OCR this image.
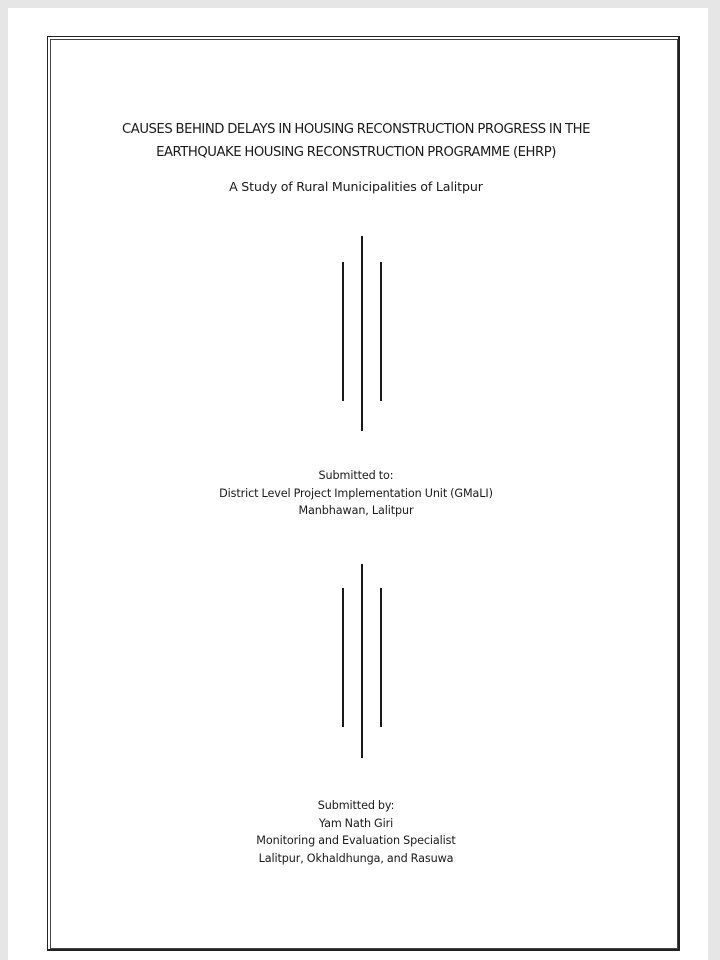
CAUSES BEHIND DELAYS IN HOUSING RECONSTRUCTION PROGRESS IN THE
EARTHQUAKE HOUSING RECONSTRUCTION PROGRAMME (EHRP)
A Study of Rural Municipalities of Lalitpur
Submitted to:
District Level Project Implementation Unit (GMaLI)
Manbhawan, Lalitpur
Submitted by:
Yam Nath Giri
Monitoring and Evaluation Specialist
Lalitpur, Okhaldhunga, and Rasuwa
